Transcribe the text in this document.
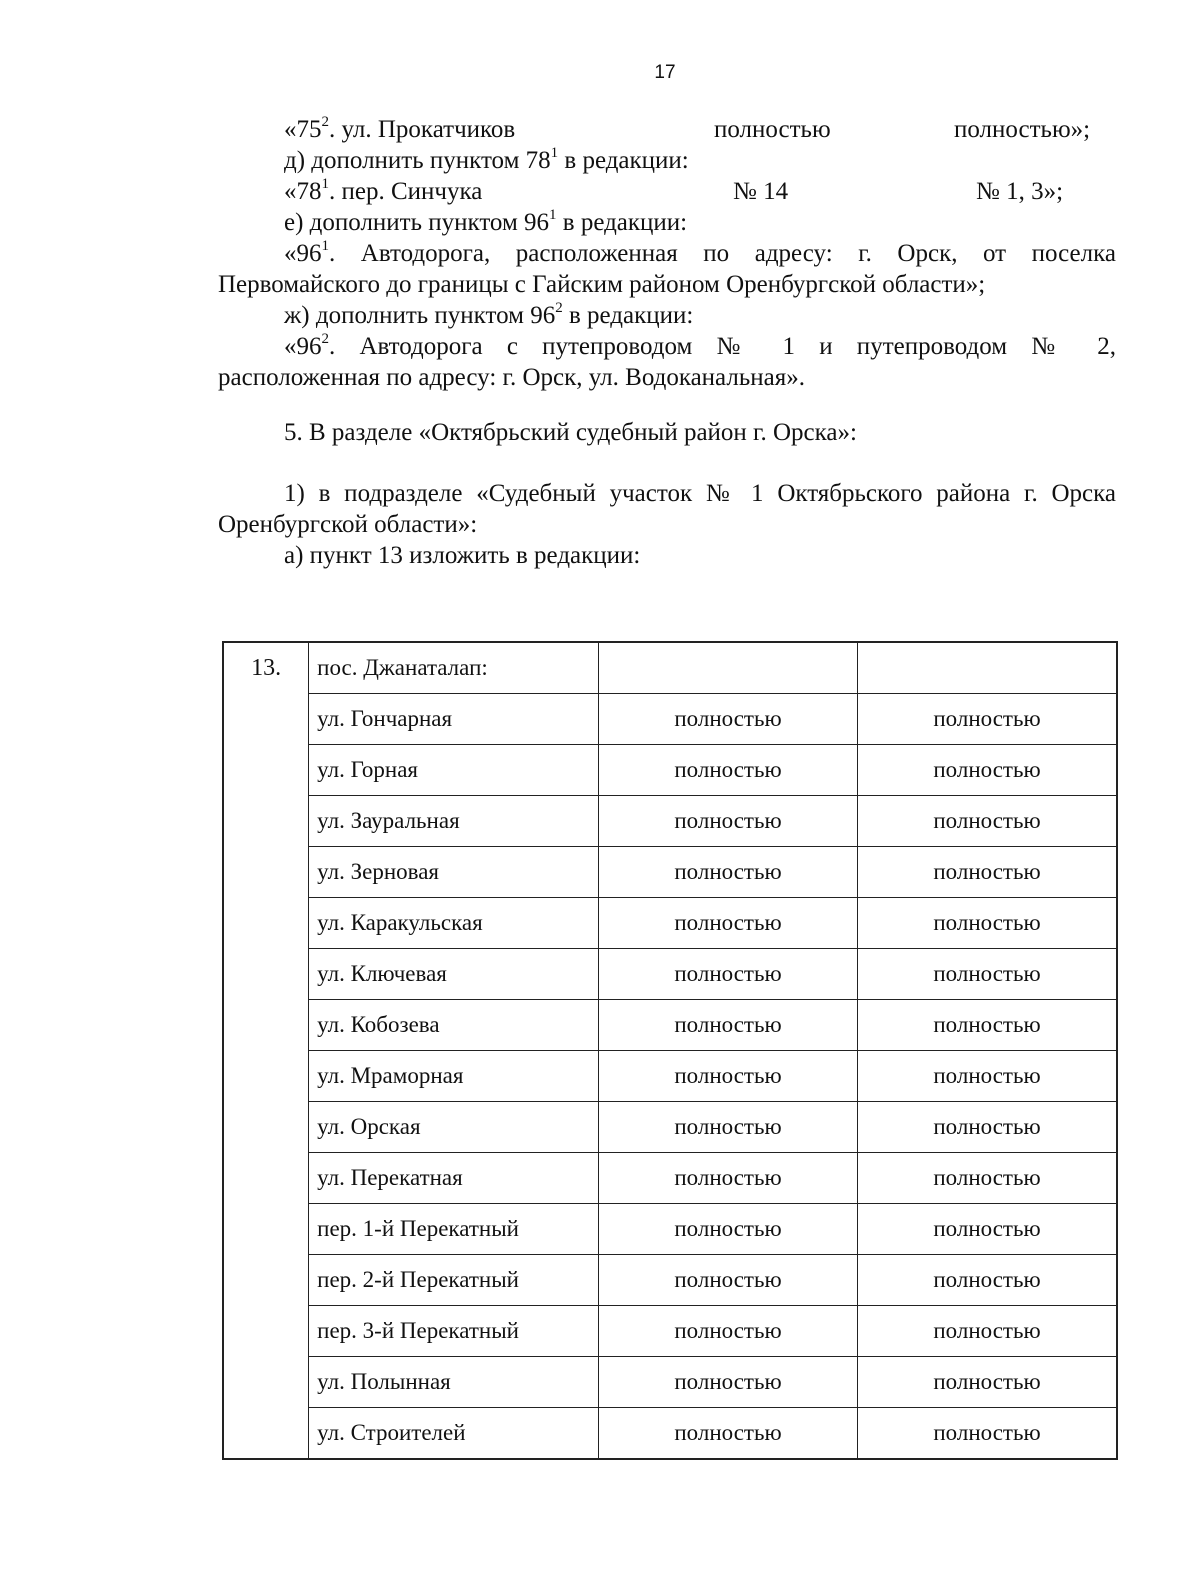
17
«$75^2$. ул. Прокатчиков	полностью	полностью»;
д) дополнить пунктом $78^1$ в редакции:
«$78^1$. пер. Синчука	№ 14	№ 1, 3»;
е) дополнить пунктом $96^1$ в редакции:
«$96^1$. Автодорога, расположенная по адресу: г. Орск, от поселка
Первомайского до границы с Гайским районом Оренбургской области»;
ж) дополнить пунктом $96^2$ в редакции:
«$96^2$. Автодорога с путепроводом № 1 и путепроводом № 2,
расположенная по адресу: г. Орск, ул. Водоканальная».
5. В разделе «Октябрьский судебный район г. Орска»:
1) в подразделе «Судебный участок № 1 Октябрьского района г. Орска
Оренбургской области»:
а) пункт 13 изложить в редакции:
13.	пос. Джанаталап:		
	ул. Гончарная	полностью	полностью
	ул. Горная	полностью	полностью
	ул. Зауральная	полностью	полностью
	ул. Зерновая	полностью	полностью
	ул. Каракульская	полностью	полностью
	ул. Ключевая	полностью	полностью
	ул. Кобозева	полностью	полностью
	ул. Мраморная	полностью	полностью
	ул. Орская	полностью	полностью
	ул. Перекатная	полностью	полностью
	пер. 1-й Перекатный	полностью	полностью
	пер. 2-й Перекатный	полностью	полностью
	пер. 3-й Перекатный	полностью	полностью
	ул. Полынная	полностью	полностью
	ул. Строителей	полностью	полностью
